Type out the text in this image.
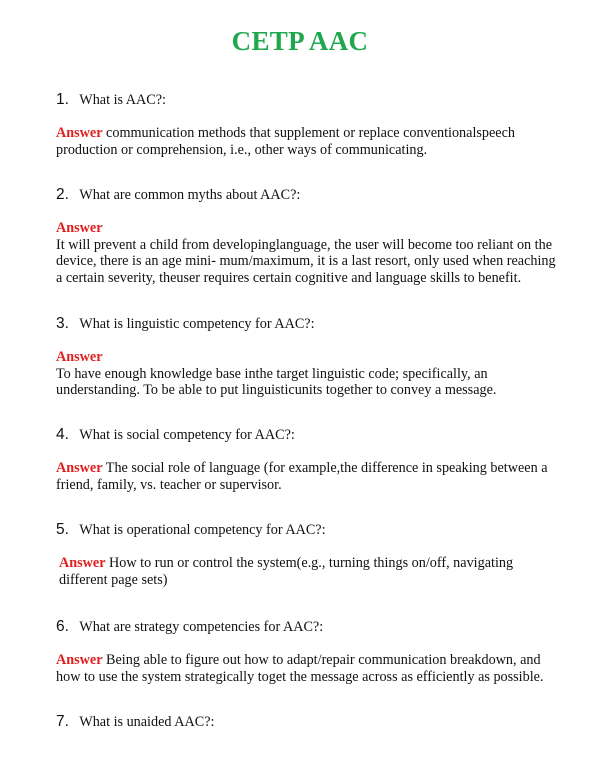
CETP AAC
1. What is AAC?:
Answer communication methods that supplement or replace conventionalspeech production or comprehension, i.e., other ways of communicating.
2. What are common myths about AAC?:
Answer
It will prevent a child from developinglanguage, the user will become too reliant on the device, there is an age mini- mum/maximum, it is a last resort, only used when reaching a certain severity, theuser requires certain cognitive and language skills to benefit.
3. What is linguistic competency for AAC?:
Answer
To have enough knowledge base inthe target linguistic code; specifically, an understanding. To be able to put linguisticunits together to convey a message.
4. What is social competency for AAC?:
Answer The social role of language (for example,the difference in speaking between a friend, family, vs. teacher or supervisor.
5. What is operational competency for AAC?:
Answer How to run or control the system(e.g., turning things on/off, navigating different page sets)
6. What are strategy competencies for AAC?:
Answer Being able to figure out how to adapt/repair communication breakdown, and how to use the system strategically toget the message across as efficiently as possible.
7. What is unaided AAC?:
